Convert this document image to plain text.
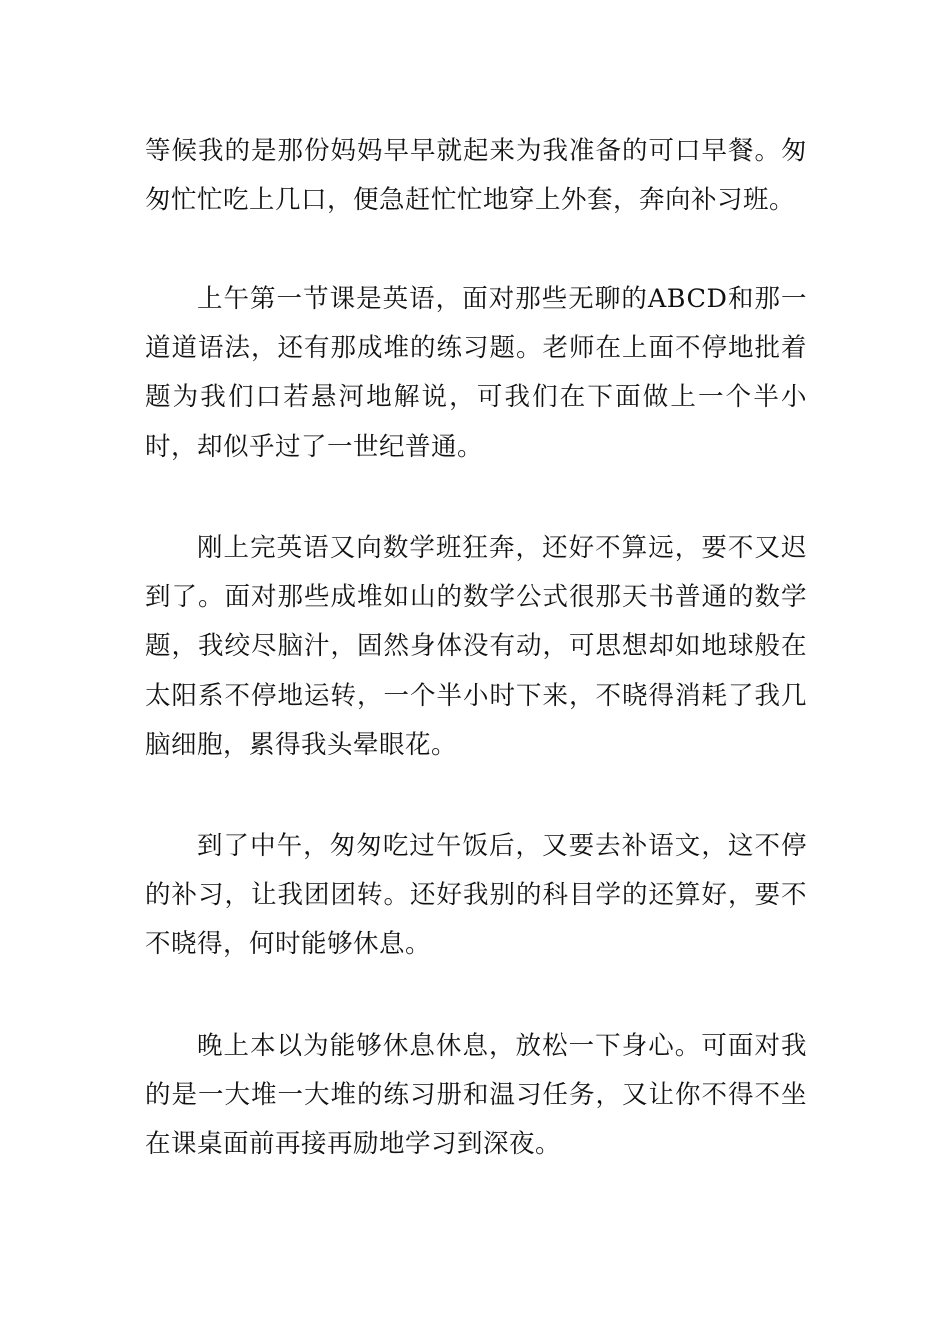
等候我的是那份妈妈早早就起来为我准备的可口早餐。匆匆忙忙吃上几口，便急赶忙忙地穿上外套，奔向补习班。

上午第一节课是英语，面对那些无聊的ABCD和那一道道语法，还有那成堆的练习题。老师在上面不停地批着题为我们口若悬河地解说，可我们在下面做上一个半小时，却似乎过了一世纪普通。

刚上完英语又向数学班狂奔，还好不算远，要不又迟到了。面对那些成堆如山的数学公式很那天书普通的数学题，我绞尽脑汁，固然身体没有动，可思想却如地球般在太阳系不停地运转，一个半小时下来，不晓得消耗了我几脑细胞，累得我头晕眼花。

到了中午，匆匆吃过午饭后，又要去补语文，这不停的补习，让我团团转。还好我别的科目学的还算好，要不不晓得，何时能够休息。

晚上本以为能够休息休息，放松一下身心。可面对我的是一大堆一大堆的练习册和温习任务，又让你不得不坐在课桌面前再接再励地学习到深夜。
